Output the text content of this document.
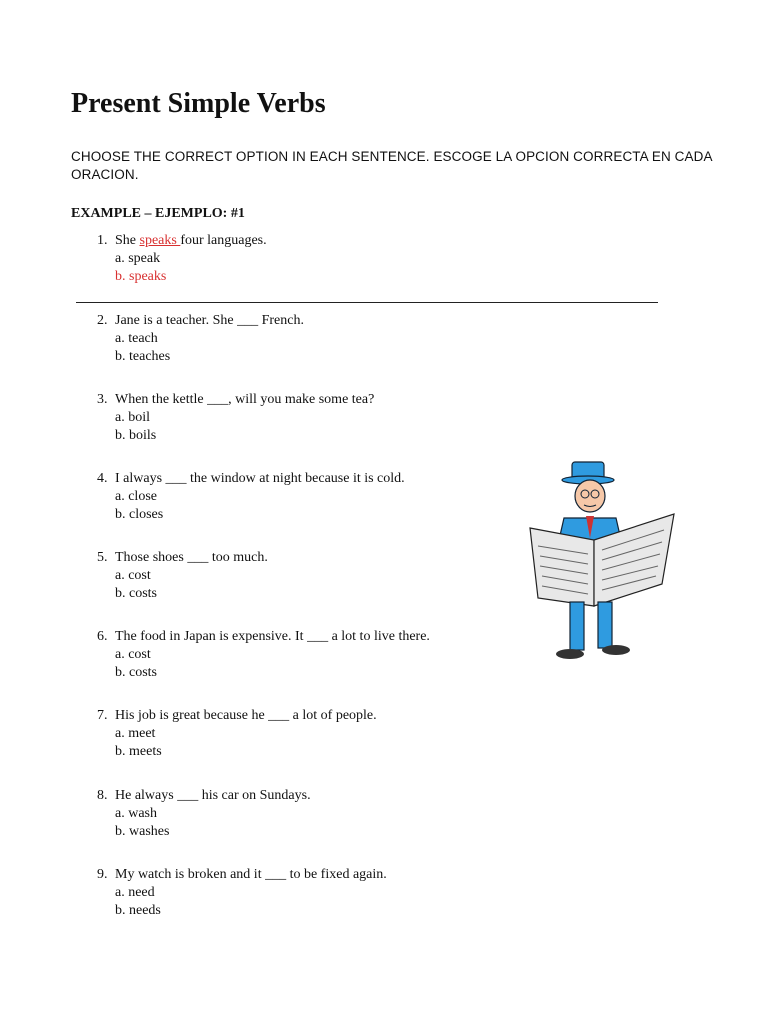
Present Simple Verbs
CHOOSE THE CORRECT OPTION IN EACH SENTENCE. ESCOGE LA OPCION CORRECTA EN CADA ORACION.
EXAMPLE – EJEMPLO: #1
1. She speaks four languages.
a. speak
b. speaks
2. Jane is a teacher. She ___ French.
a. teach
b. teaches
3. When the kettle ___, will you make some tea?
a. boil
b. boils
4. I always ___ the window at night because it is cold.
a. close
b. closes
5. Those shoes ___ too much.
a. cost
b. costs
6. The food in Japan is expensive. It ___ a lot to live there.
a. cost
b. costs
7. His job is great because he ___ a lot of people.
a. meet
b. meets
8. He always ___ his car on Sundays.
a. wash
b. washes
9. My watch is broken and it ___ to be fixed again.
a. need
b. needs
